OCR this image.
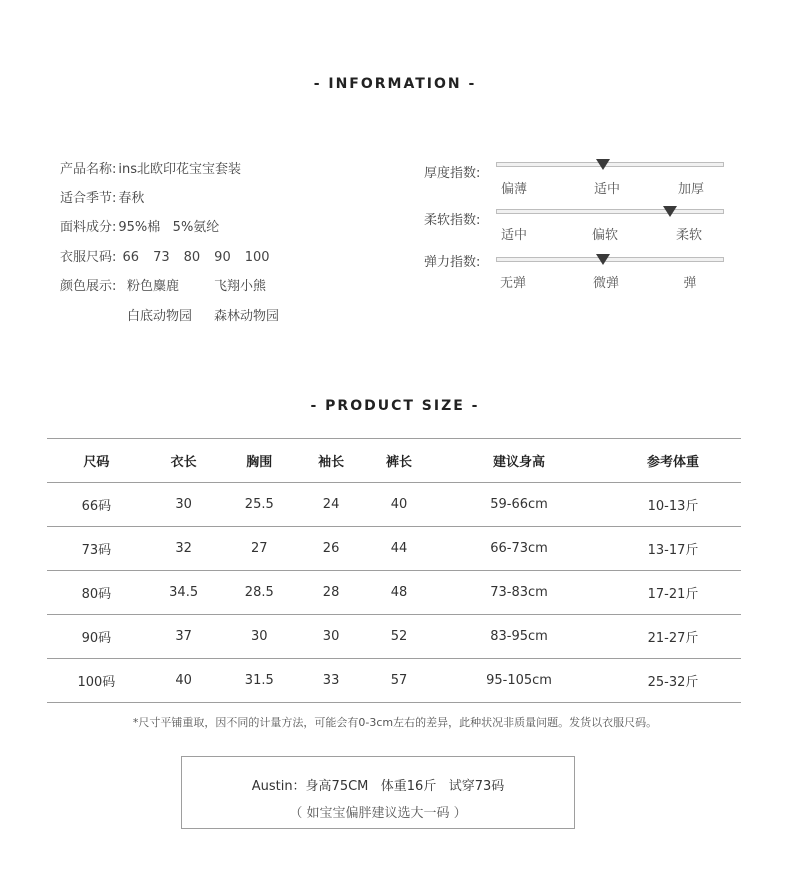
- INFORMATION -
产品名称: ins北欧印花宝宝套装
适合季节: 春秋
面料成分: 95%棉   5%氨纶
衣服尺码: 66 73 80 90 100
颜色展示: 粉色麋鹿	飞翔小熊
白底动物园 森林动物园
厚度指数:
偏薄	适中	加厚
柔软指数:
适中	偏软	柔软
弹力指数:
无弹	微弹	弹
- PRODUCT SIZE -
尺码	衣长	胸围	袖长	裤长	建议身高	参考体重
66码	30	25.5	24	40	59-66cm	10-13斤
73码	32	27	26	44	66-73cm	13-17斤
80码	34.5	28.5	28	48	73-83cm	17-21斤
90码	37	30	30	52	83-95cm	21-27斤
100码	40	31.5	33	57	95-105cm	25-32斤
*尺寸平铺重取，因不同的计量方法，可能会有0-3cm左右的差异，此种状况非质量问题。发货以衣服尺码。
Austin：身高75CM   体重16斤   试穿73码
（ 如宝宝偏胖建议选大一码 ）
